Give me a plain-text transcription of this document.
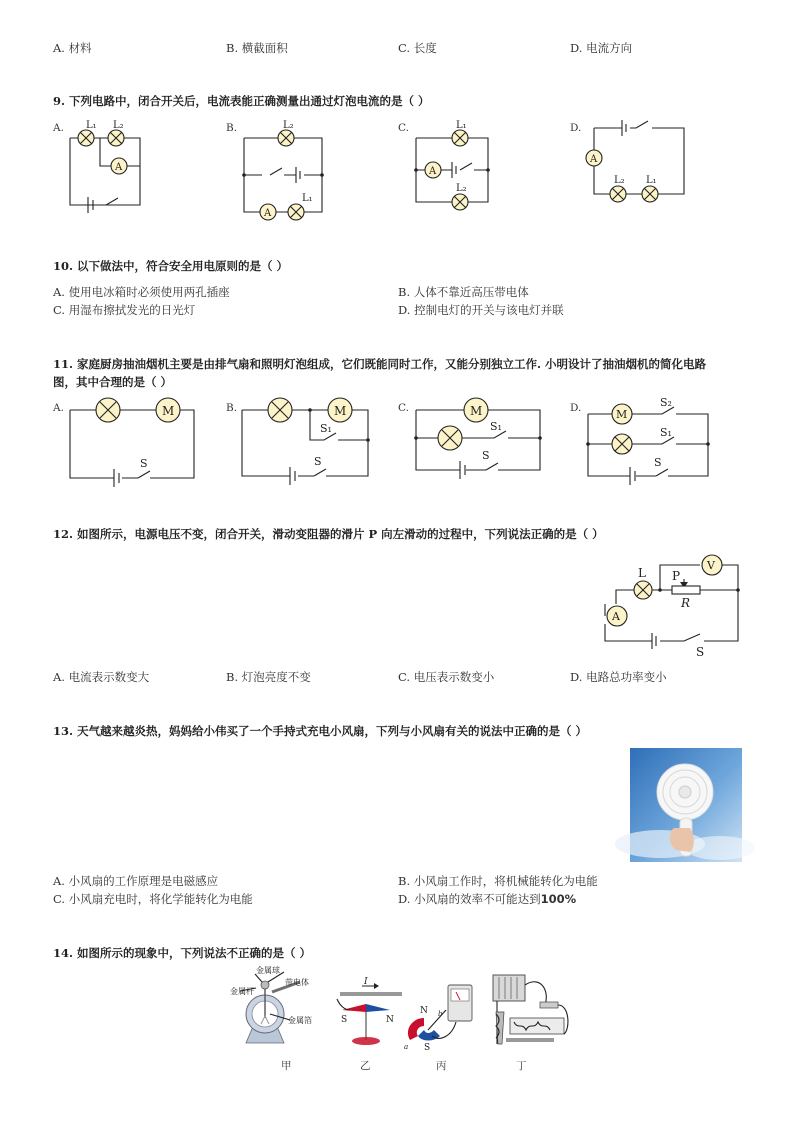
A. 材料	B. 横截面积	C. 长度	D. 电流方向
9. 下列电路中，闭合开关后，电流表能正确测量出通过灯泡电流的是（ ）
A.	B.	C.	D.
L₁ L₂
A
L₂
L₁
A
L₁
L₂
A
A
L₂ L₁
10. 以下做法中，符合安全用电原则的是（ ）
A. 使用电冰箱时必须使用两孔插座	B. 人体不靠近高压带电体
C. 用湿布擦拭发光的日光灯	D. 控制电灯的开关与该电灯并联
11. 家庭厨房抽油烟机主要是由排气扇和照明灯泡组成，它们既能同时工作，又能分别独立工作. 小明设计了抽油烟机的简化电路
图，其中合理的是（ ）
A.	B.	C.	D.
M
S
M
S₁
S
M
S₁
S
M
S₂
S₁
S
12. 如图所示，电源电压不变，闭合开关，滑动变阻器的滑片 P 向左滑动的过程中，下列说法正确的是（ ）
L P
R
V
A
S
A. 电流表示数变大	B. 灯泡亮度不变	C. 电压表示数变小	D. 电路总功率变小
13. 天气越来越炎热，妈妈给小伟买了一个手持式充电小风扇，下列与小风扇有关的说法中正确的是（ ）
A. 小风扇的工作原理是电磁感应	B. 小风扇工作时，将机械能转化为电能
C. 小风扇充电时，将化学能转化为电能	D. 小风扇的效率不可能达到100%
14. 如图所示的现象中，下列说法不正确的是（ ）
金属球
带电体
金属杆
金属箔
I
S	N
N
S
a
b
甲	乙	丙	丁
